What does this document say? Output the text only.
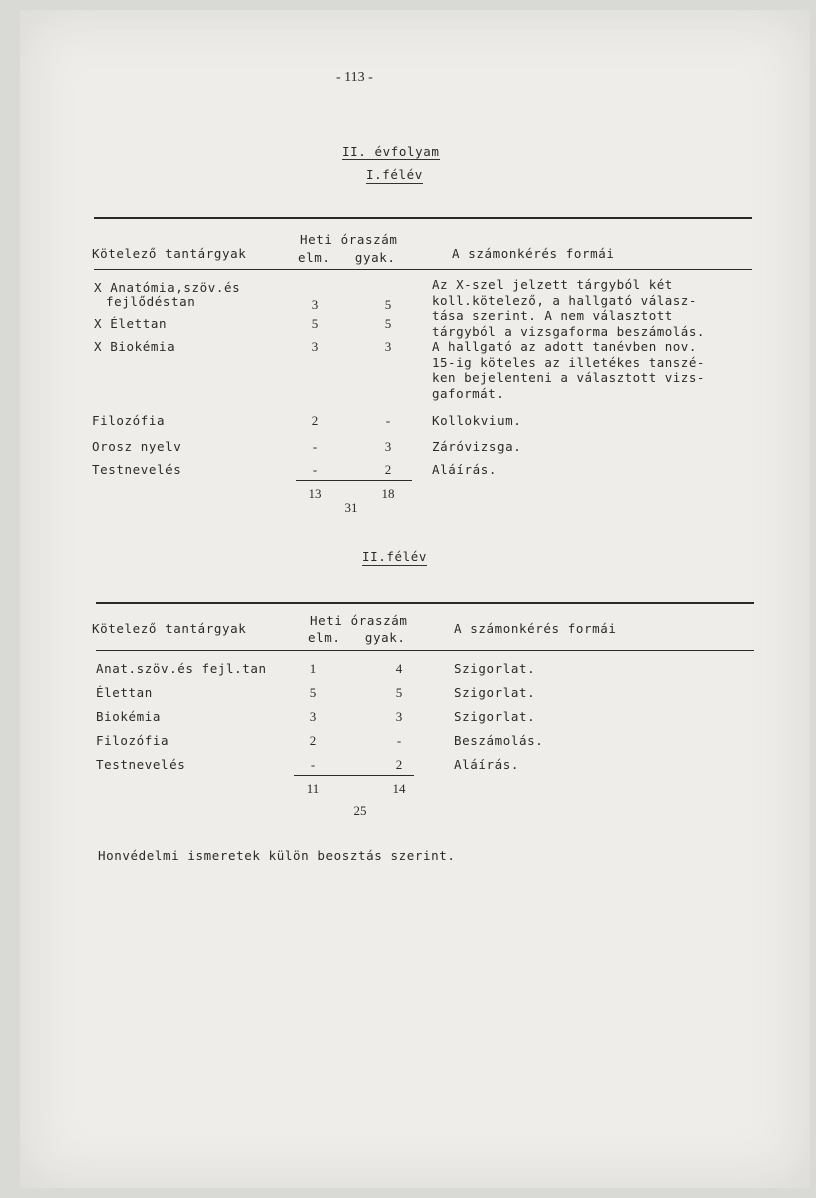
- 113 -
II. évfolyam
I.félév
Kötelező tantárgyak
Heti óraszám
elm.   gyak.	A számonkérés formái
X Anatómia,szöv.és
fejlődéstan	3	5
X Élettan	5	5
X Biokémia	3	3
Az X-szel jelzett tárgyból két
koll.kötelező, a hallgató válasz-
tása szerint. A nem választott
tárgyból a vizsgaforma beszámolás.
A hallgató az adott tanévben nov.
15-ig köteles az illetékes tanszé-
ken bejelenteni a választott vizs-
gaformát.
Filozófia	2	-	Kollokvium.
Orosz nyelv	-	3	Záróvizsga.
Testnevelés	-	2	Aláírás.
13	18
31
II.félév
Kötelező tantárgyak
Heti óraszám
elm.   gyak.
A számonkérés formái
Anat.szöv.és fejl.tan	1	4	Szigorlat.
Élettan	5	5	Szigorlat.
Biokémia	3	3	Szigorlat.
Filozófia	2	-	Beszámolás.
Testnevelés	-	2	Aláírás.
11	14
25
Honvédelmi ismeretek külön beosztás szerint.
